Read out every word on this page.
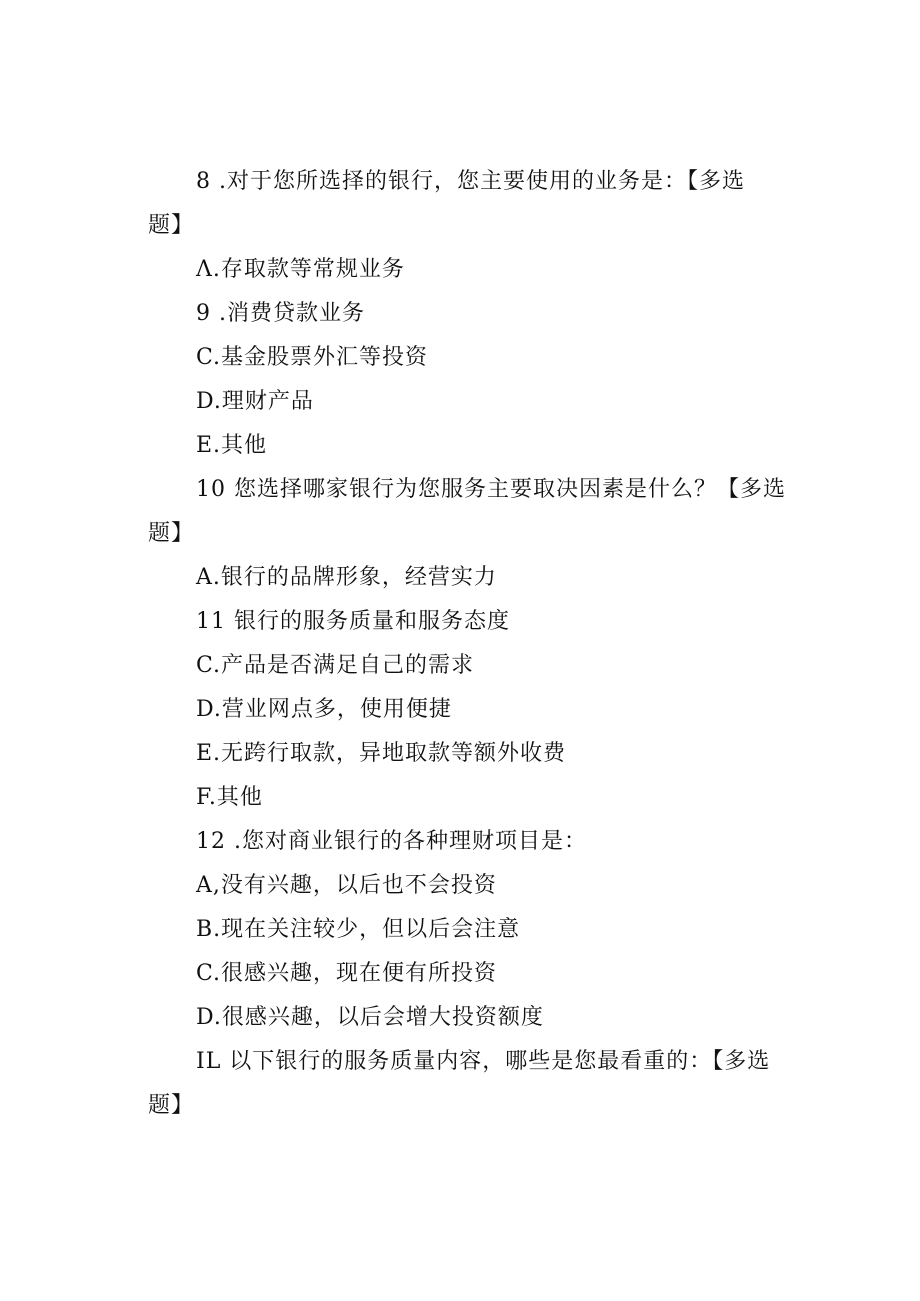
8 .对于您所选择的银行，您主要使用的业务是：【多选
题】
Λ.存取款等常规业务
9 .消费贷款业务
C.基金股票外汇等投资
D.理财产品
E.其他
10 您选择哪家银行为您服务主要取决因素是什么？【多选
题】
A.银行的品牌形象，经营实力
11 银行的服务质量和服务态度
C.产品是否满足自己的需求
D.营业网点多，使用便捷
E.无跨行取款，异地取款等额外收费
F.其他
12 .您对商业银行的各种理财项目是：
A,没有兴趣，以后也不会投资
B.现在关注较少，但以后会注意
C.很感兴趣，现在便有所投资
D.很感兴趣，以后会增大投资额度
IL 以下银行的服务质量内容，哪些是您最看重的：【多选
题】
